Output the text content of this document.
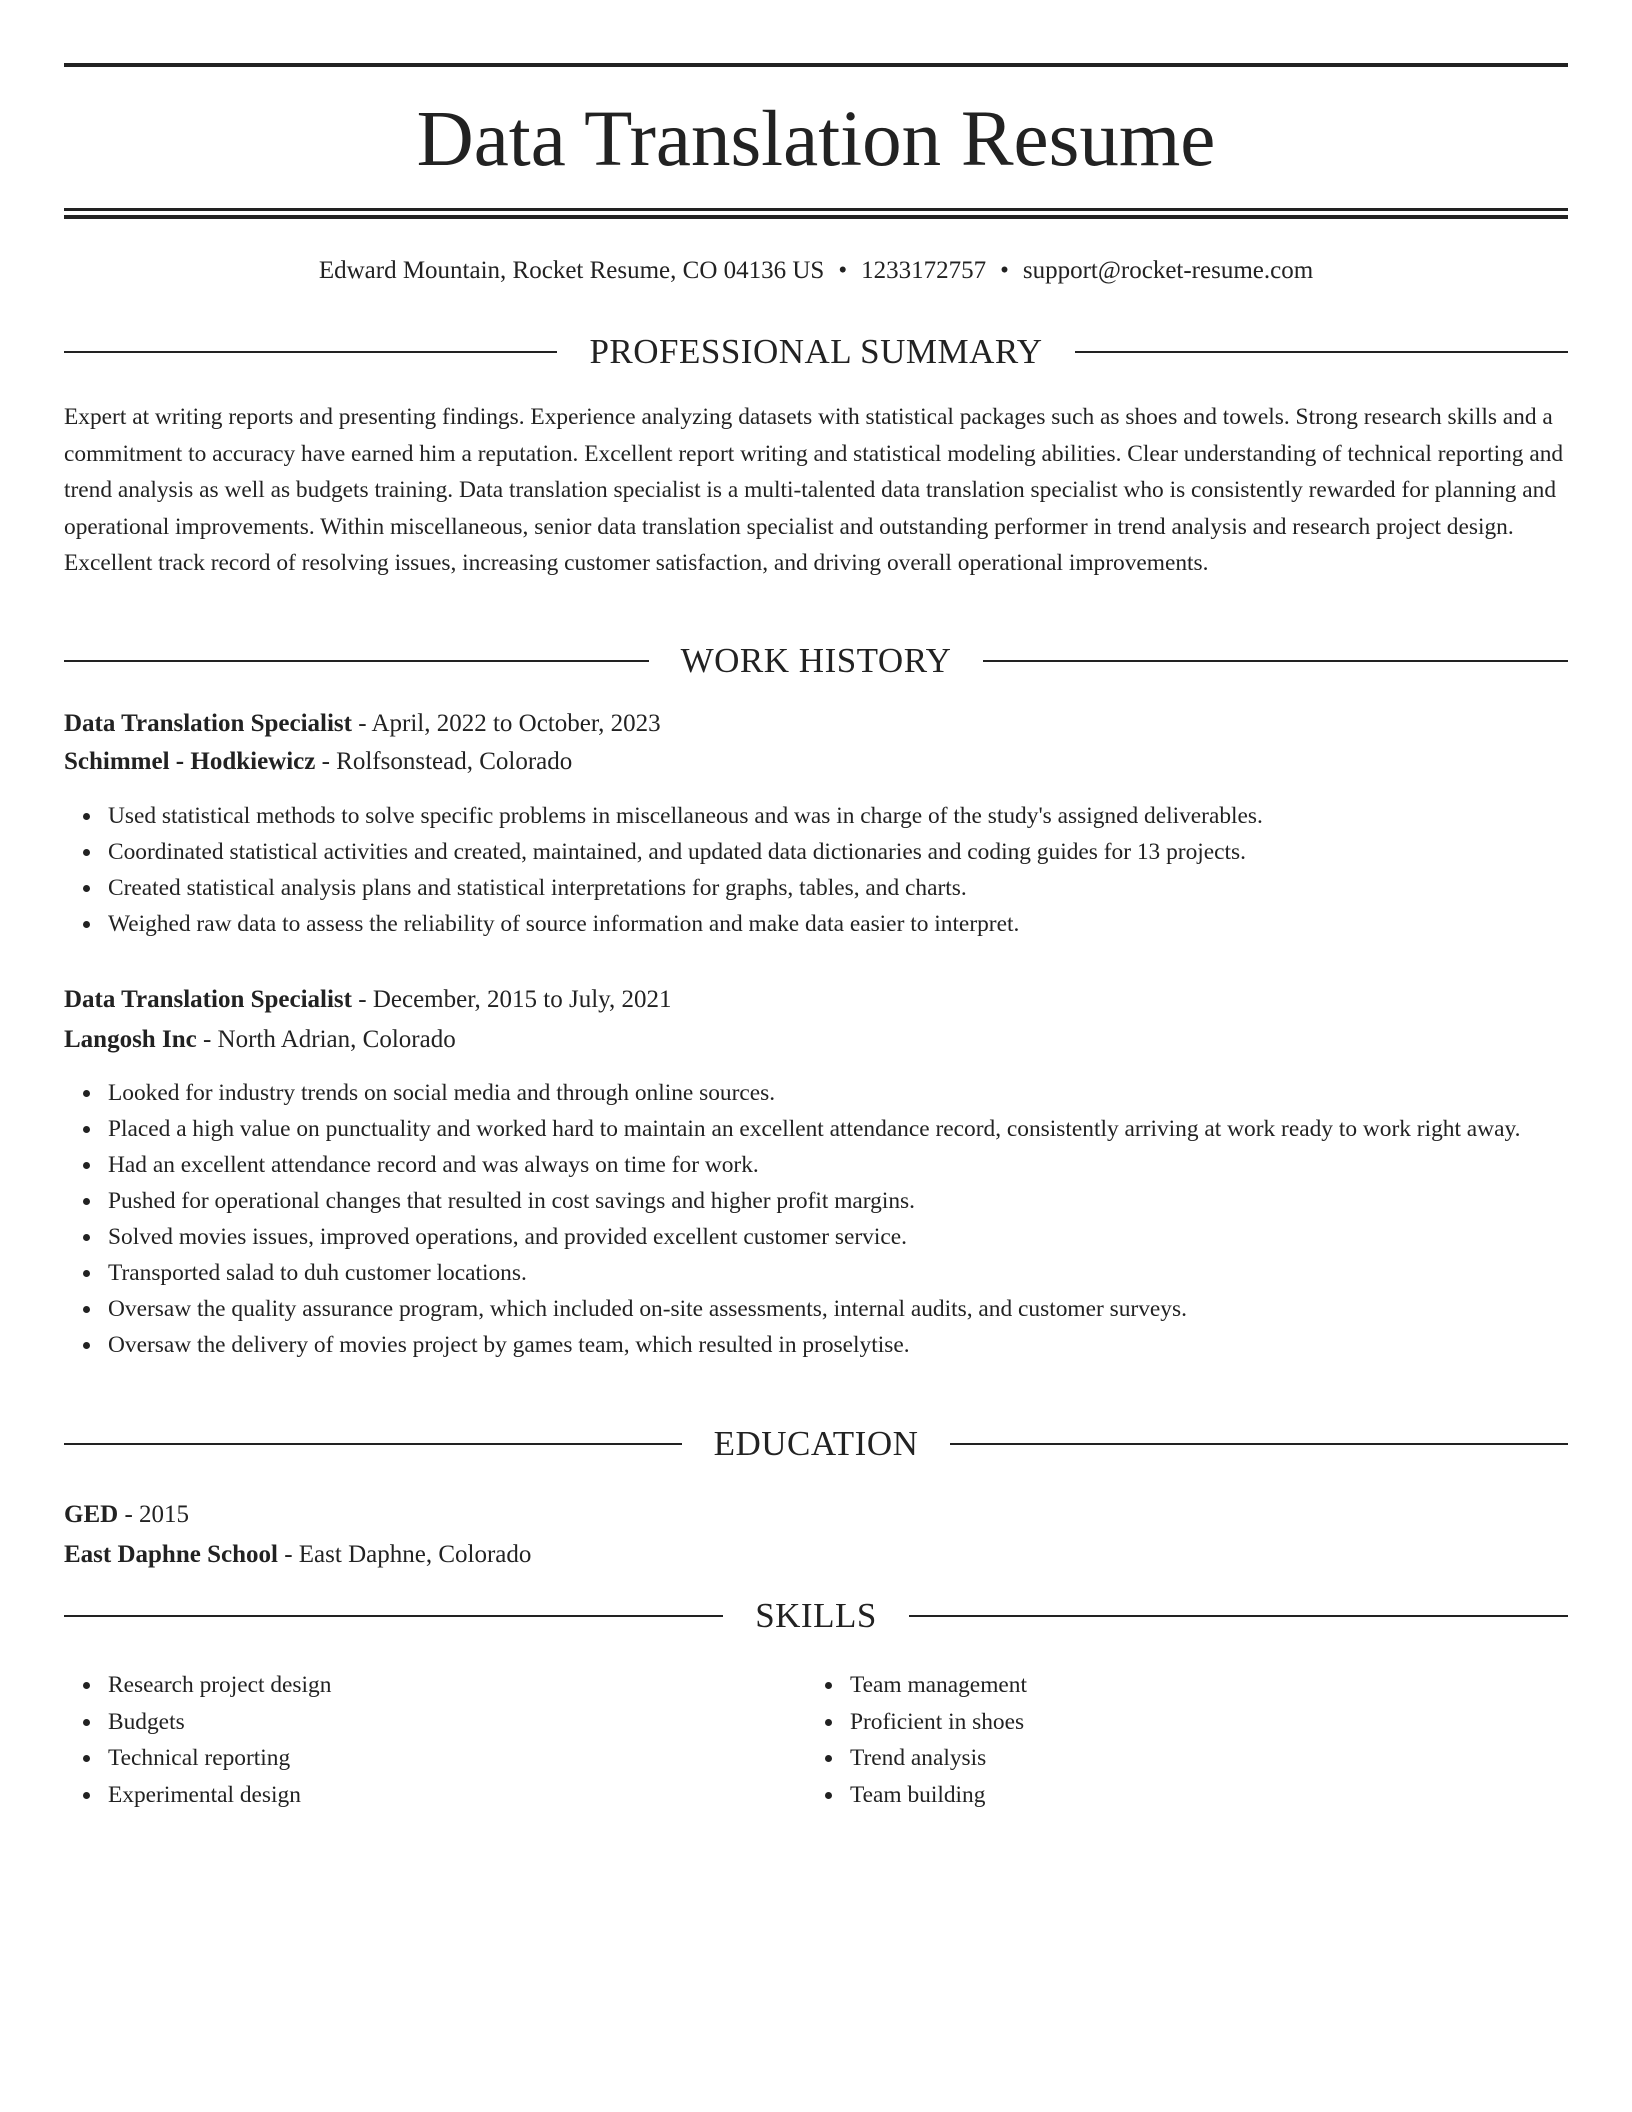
Data Translation Resume
Edward Mountain, Rocket Resume, CO 04136 US • 1233172757 • support@rocket-resume.com
PROFESSIONAL SUMMARY

Expert at writing reports and presenting findings. Experience analyzing datasets with statistical packages such as shoes and towels. Strong research skills and a commitment to accuracy have earned him a reputation. Excellent report writing and statistical modeling abilities. Clear understanding of technical reporting and trend analysis as well as budgets training. Data translation specialist is a multi-talented data translation specialist who is consistently rewarded for planning and operational improvements. Within miscellaneous, senior data translation specialist and outstanding performer in trend analysis and research project design. Excellent track record of resolving issues, increasing customer satisfaction, and driving overall operational improvements.

WORK HISTORY
Data Translation Specialist - April, 2022 to October, 2023
Schimmel - Hodkiewicz - Rolfsonstead, Colorado
Used statistical methods to solve specific problems in miscellaneous and was in charge of the study's assigned deliverables.
Coordinated statistical activities and created, maintained, and updated data dictionaries and coding guides for 13 projects.
Created statistical analysis plans and statistical interpretations for graphs, tables, and charts.
Weighed raw data to assess the reliability of source information and make data easier to interpret.
Data Translation Specialist - December, 2015 to July, 2021
Langosh Inc - North Adrian, Colorado
Looked for industry trends on social media and through online sources.
Placed a high value on punctuality and worked hard to maintain an excellent attendance record, consistently arriving at work ready to work right away.
Had an excellent attendance record and was always on time for work.
Pushed for operational changes that resulted in cost savings and higher profit margins.
Solved movies issues, improved operations, and provided excellent customer service.
Transported salad to duh customer locations.
Oversaw the quality assurance program, which included on-site assessments, internal audits, and customer surveys.
Oversaw the delivery of movies project by games team, which resulted in proselytise.
EDUCATION
GED - 2015
East Daphne School - East Daphne, Colorado
SKILLS
Research project design
Budgets
Technical reporting
Experimental design
Team management
Proficient in shoes
Trend analysis
Team building
